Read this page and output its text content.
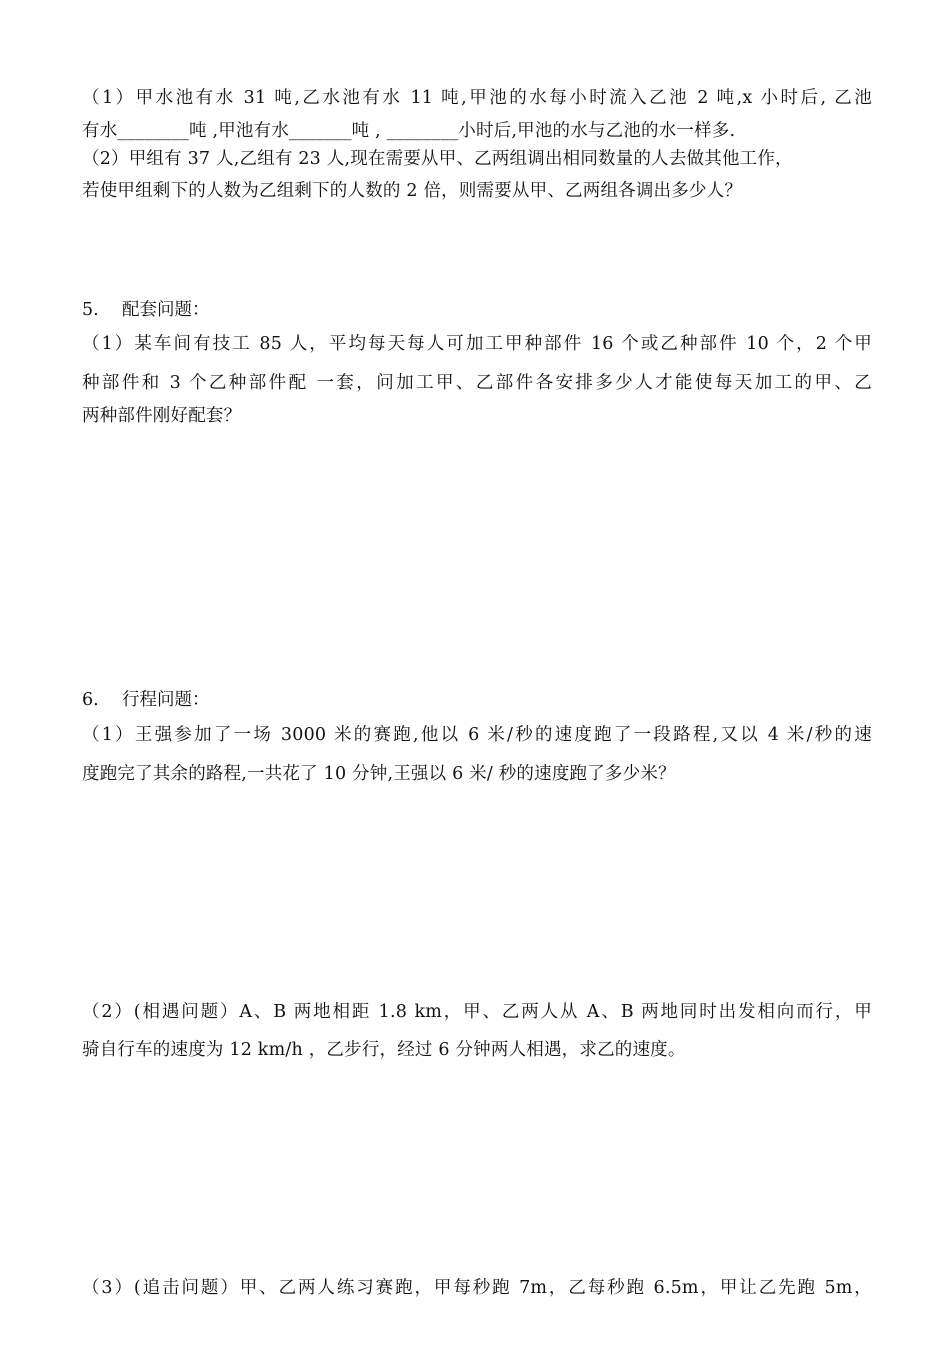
（1）甲水池有水 31 吨,乙水池有水 11 吨,甲池的水每小时流入乙池 2 吨,x 小时后, 乙池
有水________吨 ,甲池有水_______吨 , ________小时后,甲池的水与乙池的水一样多.
（2）甲组有 37 人,乙组有 23 人,现在需要从甲、乙两组调出相同数量的人去做其他工作，
若使甲组剩下的人数为乙组剩下的人数的 2 倍，则需要从甲、乙两组各调出多少人？
5. 配套问题：
（1）某车间有技工 85 人，平均每天每人可加工甲种部件 16 个或乙种部件 10 个，2 个甲
种部件和 3 个乙种部件配 一套，问加工甲、乙部件各安排多少人才能使每天加工的甲、乙
两种部件刚好配套？
6. 行程问题：
（1）王强参加了一场 3000 米的赛跑,他以 6 米/秒的速度跑了一段路程,又以 4 米/秒的速
度跑完了其余的路程,一共花了 10 分钟,王强以 6 米/ 秒的速度跑了多少米？
（2）(相遇问题）A、B 两地相距 1.8 km，甲、乙两人从 A、B 两地同时出发相向而行，甲
骑自行车的速度为 12 km/h ，乙步行，经过 6 分钟两人相遇，求乙的速度。
（3）(追击问题）甲、乙两人练习赛跑，甲每秒跑 7m，乙每秒跑 6.5m，甲让乙先跑 5m，
